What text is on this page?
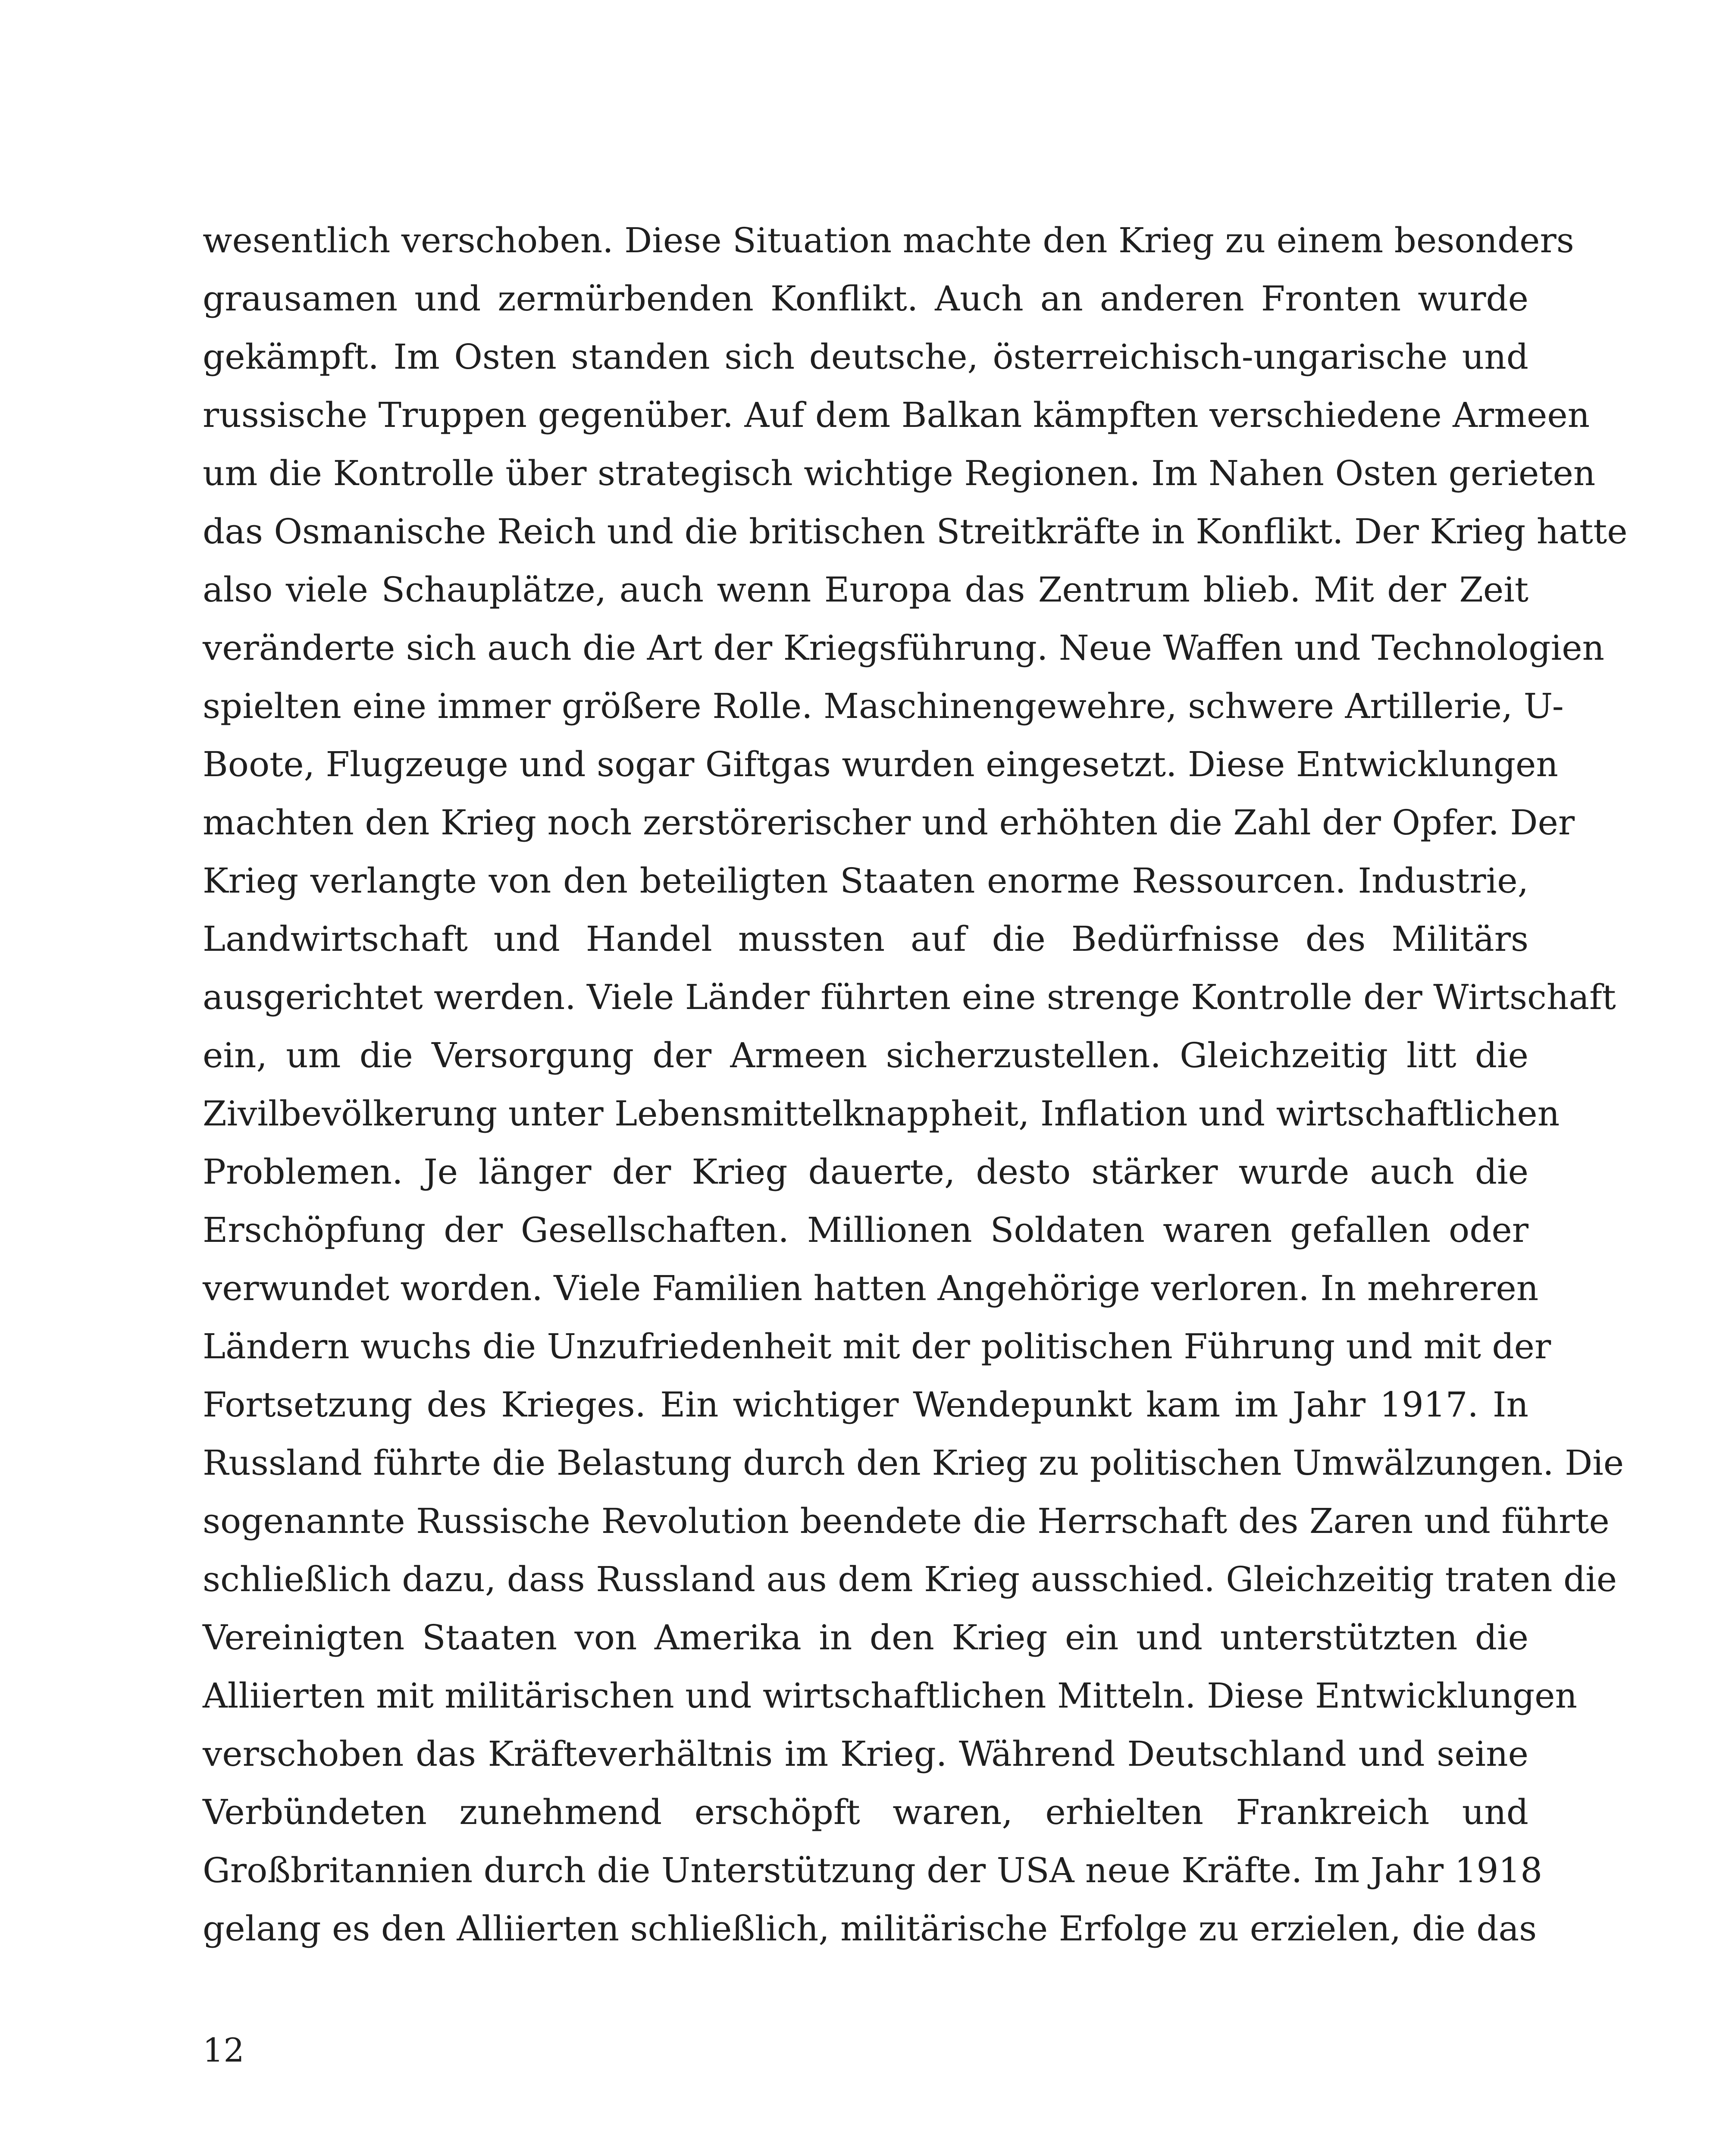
wesentlich verschoben. Diese Situation machte den Krieg zu einem besonders
grausamen und zermürbenden Konflikt. Auch an anderen Fronten wurde
gekämpft. Im Osten standen sich deutsche, österreichisch-ungarische und
russische Truppen gegenüber. Auf dem Balkan kämpften verschiedene Armeen
um die Kontrolle über strategisch wichtige Regionen. Im Nahen Osten gerieten
das Osmanische Reich und die britischen Streitkräfte in Konflikt. Der Krieg hatte
also viele Schauplätze, auch wenn Europa das Zentrum blieb. Mit der Zeit
veränderte sich auch die Art der Kriegsführung. Neue Waffen und Technologien
spielten eine immer größere Rolle. Maschinengewehre, schwere Artillerie, U-
Boote, Flugzeuge und sogar Giftgas wurden eingesetzt. Diese Entwicklungen
machten den Krieg noch zerstörerischer und erhöhten die Zahl der Opfer. Der
Krieg verlangte von den beteiligten Staaten enorme Ressourcen. Industrie,
Landwirtschaft und Handel mussten auf die Bedürfnisse des Militärs
ausgerichtet werden. Viele Länder führten eine strenge Kontrolle der Wirtschaft
ein, um die Versorgung der Armeen sicherzustellen. Gleichzeitig litt die
Zivilbevölkerung unter Lebensmittelknappheit, Inflation und wirtschaftlichen
Problemen. Je länger der Krieg dauerte, desto stärker wurde auch die
Erschöpfung der Gesellschaften. Millionen Soldaten waren gefallen oder
verwundet worden. Viele Familien hatten Angehörige verloren. In mehreren
Ländern wuchs die Unzufriedenheit mit der politischen Führung und mit der
Fortsetzung des Krieges. Ein wichtiger Wendepunkt kam im Jahr 1917. In
Russland führte die Belastung durch den Krieg zu politischen Umwälzungen. Die
sogenannte Russische Revolution beendete die Herrschaft des Zaren und führte
schließlich dazu, dass Russland aus dem Krieg ausschied. Gleichzeitig traten die
Vereinigten Staaten von Amerika in den Krieg ein und unterstützten die
Alliierten mit militärischen und wirtschaftlichen Mitteln. Diese Entwicklungen
verschoben das Kräfteverhältnis im Krieg. Während Deutschland und seine
Verbündeten zunehmend erschöpft waren, erhielten Frankreich und
Großbritannien durch die Unterstützung der USA neue Kräfte. Im Jahr 1918
gelang es den Alliierten schließlich, militärische Erfolge zu erzielen, die das
12
